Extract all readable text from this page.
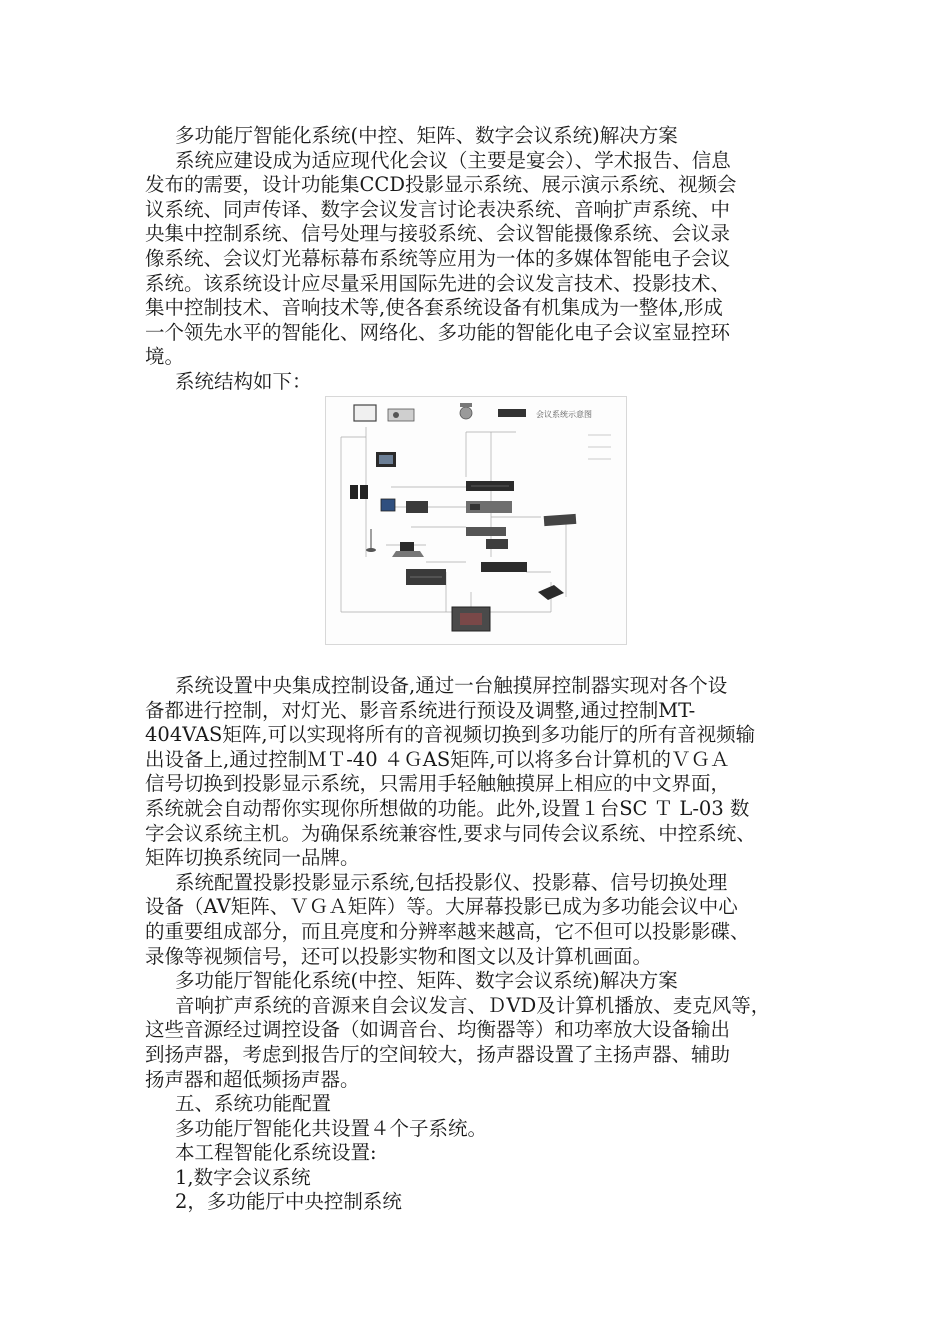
多功能厅智能化系统(中控、矩阵、数字会议系统)解决方案
系统应建设成为适应现代化会议（主要是宴会）、学术报告、信息
发布的需要，设计功能集CCD投影显示系统、展示演示系统、视频会
议系统、同声传译、数字会议发言讨论表决系统、音响扩声系统、中
央集中控制系统、信号处理与接驳系统、会议智能摄像系统、会议录
像系统、会议灯光幕标幕布系统等应用为一体的多媒体智能电子会议
系统。该系统设计应尽量采用国际先进的会议发言技术、投影技术、
集中控制技术、音响技术等,使各套系统设备有机集成为一整体,形成
一个领先水平的智能化、网络化、多功能的智能化电子会议室显控环
境。
系统结构如下：
会议系统示意图
系统设置中央集成控制设备,通过一台触摸屏控制器实现对各个设
备都进行控制，对灯光、影音系统进行预设及调整,通过控制MT-
404VAS矩阵,可以实现将所有的音视频切换到多功能厅的所有音视频输
出设备上,通过控制ＭＴ-40 ４ＧAS矩阵,可以将多台计算机的ＶＧＡ
信号切换到投影显示系统，只需用手轻触触摸屏上相应的中文界面，
系统就会自动帮你实现你所想做的功能。此外,设置１台SC Ｔ L-03 数
字会议系统主机。为确保系统兼容性,要求与同传会议系统、中控系统、
矩阵切换系统同一品牌。
系统配置投影投影显示系统,包括投影仪、投影幕、信号切换处理
设备（AV矩阵、ＶＧＡ矩阵）等。大屏幕投影已成为多功能会议中心
的重要组成部分，而且亮度和分辨率越来越高，它不但可以投影影碟、
录像等视频信号，还可以投影实物和图文以及计算机画面。
多功能厅智能化系统(中控、矩阵、数字会议系统)解决方案
音响扩声系统的音源来自会议发言、ＤVD及计算机播放、麦克风等，
这些音源经过调控设备（如调音台、均衡器等）和功率放大设备输出
到扬声器，考虑到报告厅的空间较大，扬声器设置了主扬声器、辅助
扬声器和超低频扬声器。
五、系统功能配置
多功能厅智能化共设置４个子系统。
本工程智能化系统设置:
1,数字会议系统
2，多功能厅中央控制系统
